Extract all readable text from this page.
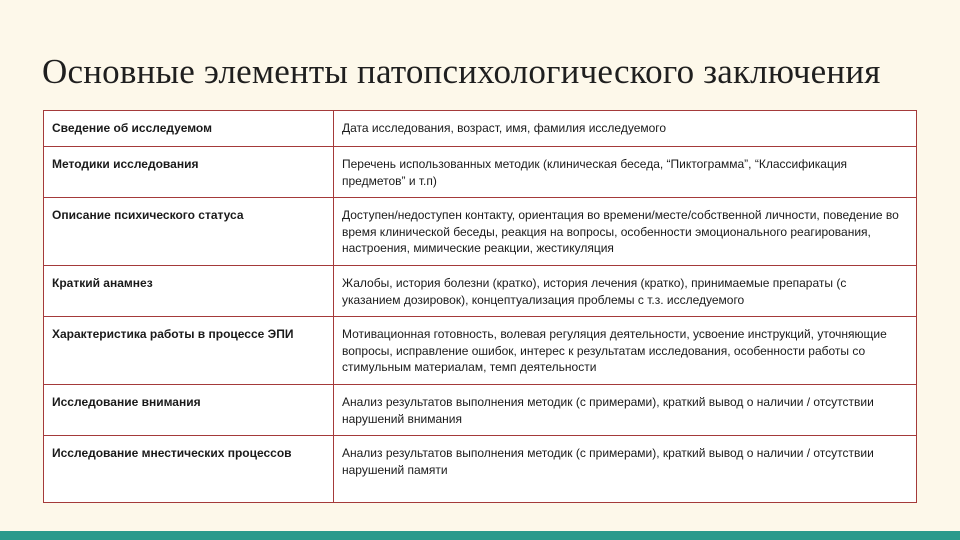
Основные элементы патопсихологического заключения
Сведение об исследуемом	Дата исследования, возраст, имя, фамилия исследуемого
Методики исследования	Перечень использованных методик (клиническая беседа, “Пиктограмма”, “Классификация предметов” и т.п)
Описание психического статуса	Доступен/недоступен контакту, ориентация во времени/месте/собственной личности, поведение во время клинической беседы, реакция на вопросы, особенности эмоционального реагирования, настроения, мимические реакции, жестикуляция
Краткий анамнез	Жалобы, история болезни (кратко), история лечения (кратко), принимаемые препараты (с указанием дозировок), концептуализация проблемы с т.з. исследуемого
Характеристика работы в процессе ЭПИ	Мотивационная готовность, волевая регуляция деятельности, усвоение инструкций, уточняющие вопросы, исправление ошибок, интерес к результатам исследования, особенности работы со стимульным материалам, темп деятельности
Исследование внимания	Анализ результатов выполнения методик (с примерами), краткий вывод о наличии / отсутствии нарушений внимания
Исследование мнестических процессов	Анализ результатов выполнения методик (с примерами), краткий вывод о наличии / отсутствии нарушений памяти
